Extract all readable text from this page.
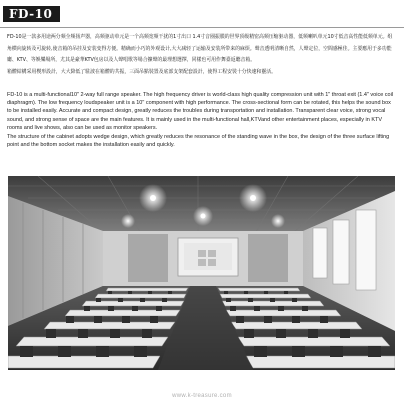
FD-10

FD-10是一款多用途两分频全频扬声器，高频驱动单元是一个高频宽频干扰的1寸出口 1.4寸音圈振膜的世界顶级精密高频压缩驱动器，低频喇叭单元10寸低音高性能低频单元。组角横向旋转及可旋转,使音箱的吊挂及安装变得方便。精确而小巧的外观设计,大大减轻了运输及安装所带来的麻烦。聲音透明清晰自然，人聲定位，空間感極佳。主要應用于多功能廳、KTV、等娛樂場所，尤其是豪華KTV包房以及人聲唱歌等場合擴聲的最理想選擇，同樣也可用作舞臺返聽音箱。

箱體結構采用楔形設計，大大降低了駐波在箱體的共振，三面吊點裝置及底部支架配套設計，使得工程安裝十分快速和靈活。

FD-10 is a multi-functional10" 2-way full range speaker. The high frequency driver is world-class high quality compression unit with 1" throat exit (1.4" voice coil diaphragm). The low frequency loudspeaker unit is a 10" component with high performance. The cross-sectional form can be rotated, this helps the sound box to be installed easily. Accurate and compact design, greatly reduces the troubles during transportation and installation. Transparent clear voice, strong vocal sound, and strong sense of space are the main features. It is mainly used in the multi-functional hall,KTVand other entertainment places, especially in KTV rooms and live shows, also can be used as monitor speakers.

The structure of the cabinet adopts wedge design, which greatly reduces the resonance of the standing wave in the box, the design of the three surface lifting point and the bottom socket makes the installation easily and quickly.

www.k-treasure.com
